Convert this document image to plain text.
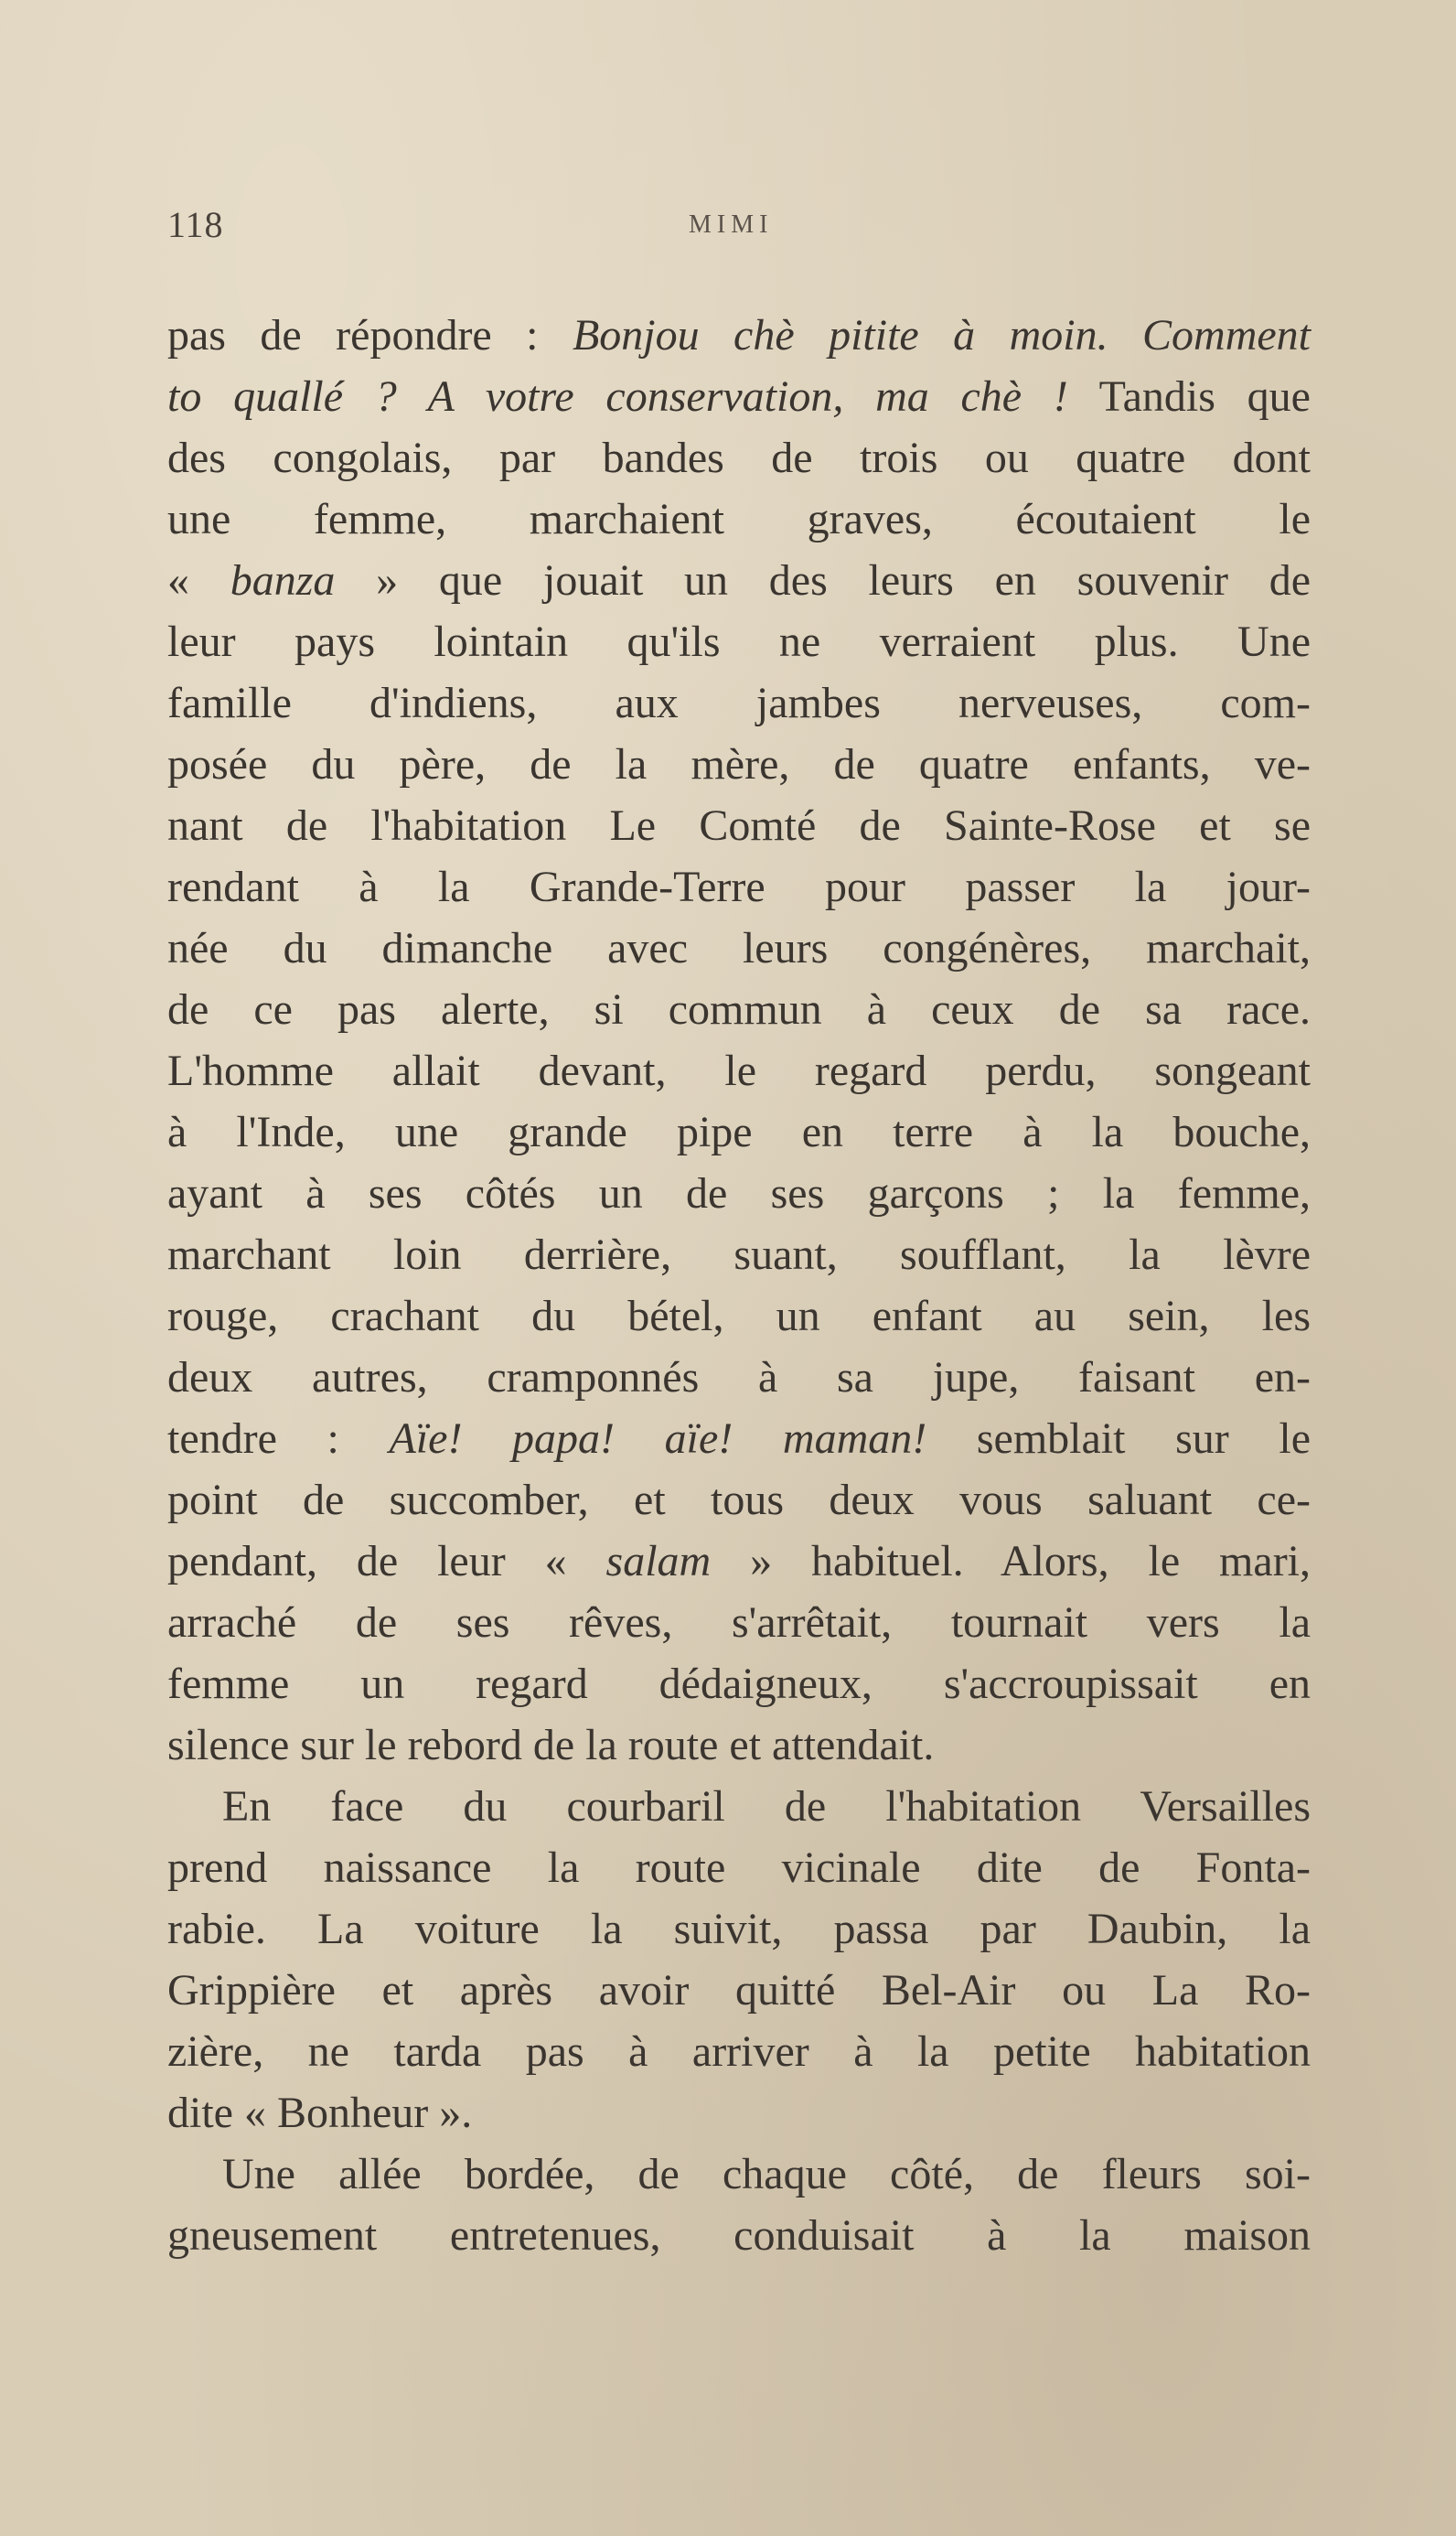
118	MIMI
pas de répondre : Bonjou chè pitite à moin. Comment
to quallé ? A votre conservation, ma chè ! Tandis que
des congolais, par bandes de trois ou quatre dont
une femme, marchaient graves, écoutaient le
« banza » que jouait un des leurs en souvenir de
leur pays lointain qu'ils ne verraient plus. Une
famille d'indiens, aux jambes nerveuses, com-
posée du père, de la mère, de quatre enfants, ve-
nant de l'habitation Le Comté de Sainte-Rose et se
rendant à la Grande-Terre pour passer la jour-
née du dimanche avec leurs congénères, marchait,
de ce pas alerte, si commun à ceux de sa race.
L'homme allait devant, le regard perdu, songeant
à l'Inde, une grande pipe en terre à la bouche,
ayant à ses côtés un de ses garçons ; la femme,
marchant loin derrière, suant, soufflant, la lèvre
rouge, crachant du bétel, un enfant au sein, les
deux autres, cramponnés à sa jupe, faisant en-
tendre : Aïe! papa! aïe! maman! semblait sur le
point de succomber, et tous deux vous saluant ce-
pendant, de leur « salam » habituel. Alors, le mari,
arraché de ses rêves, s'arrêtait, tournait vers la
femme un regard dédaigneux, s'accroupissait en
silence sur le rebord de la route et attendait.
En face du courbaril de l'habitation Versailles
prend naissance la route vicinale dite de Fonta-
rabie. La voiture la suivit, passa par Daubin, la
Grippière et après avoir quitté Bel-Air ou La Ro-
zière, ne tarda pas à arriver à la petite habitation
dite « Bonheur ».
Une allée bordée, de chaque côté, de fleurs soi-
gneusement entretenues, conduisait à la maison
